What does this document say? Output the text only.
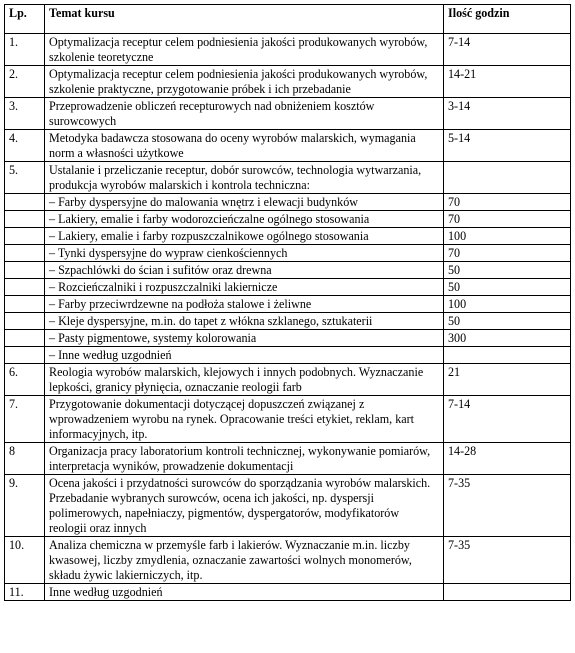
Lp.	Temat kursu	Ilość godzin
1.	Optymalizacja receptur celem podniesienia jakości produkowanych wyrobów, szkolenie teoretyczne	7-14
2.	Optymalizacja receptur celem podniesienia jakości produkowanych wyrobów, szkolenie praktyczne, przygotowanie próbek i ich przebadanie	14-21
3.	Przeprowadzenie obliczeń recepturowych nad obniżeniem kosztów surowcowych	3-14
4.	Metodyka badawcza stosowana do oceny wyrobów malarskich, wymagania norm a własności użytkowe	5-14
5.	Ustalanie i przeliczanie receptur, dobór surowców, technologia wytwarzania, produkcja wyrobów malarskich i kontrola techniczna:	
	– Farby dyspersyjne do malowania wnętrz i elewacji budynków	70
	– Lakiery, emalie i farby wodorozcieńczalne ogólnego stosowania	70
	– Lakiery, emalie i farby rozpuszczalnikowe ogólnego stosowania	100
	– Tynki dyspersyjne do wypraw cienkościennych	70
	– Szpachlówki do ścian i sufitów oraz drewna	50
	– Rozcieńczalniki i rozpuszczalniki lakiernicze	50
	– Farby przeciwrdzewne na podłoża stalowe i żeliwne	100
	– Kleje dyspersyjne, m.in. do tapet z włókna szklanego, sztukaterii	50
	– Pasty pigmentowe, systemy kolorowania	300
	– Inne według uzgodnień	
6.	Reologia wyrobów malarskich, klejowych i innych podobnych. Wyznaczanie lepkości, granicy płynięcia, oznaczanie reologii farb	21
7.	Przygotowanie dokumentacji dotyczącej dopuszczeń związanej z wprowadzeniem wyrobu na rynek. Opracowanie treści etykiet, reklam, kart informacyjnych, itp.	7-14
8	Organizacja pracy laboratorium kontroli technicznej, wykonywanie pomiarów, interpretacja wyników, prowadzenie dokumentacji	14-28
9.	Ocena jakości i przydatności surowców do sporządzania wyrobów malarskich. Przebadanie wybranych surowców, ocena ich jakości, np. dyspersji polimerowych, napełniaczy, pigmentów, dyspergatorów, modyfikatorów reologii oraz innych	7-35
10.	Analiza chemiczna w przemyśle farb i lakierów. Wyznaczanie m.in. liczby kwasowej, liczby zmydlenia, oznaczanie zawartości wolnych monomerów, składu żywic lakierniczych, itp.	7-35
11.	Inne według uzgodnień	
